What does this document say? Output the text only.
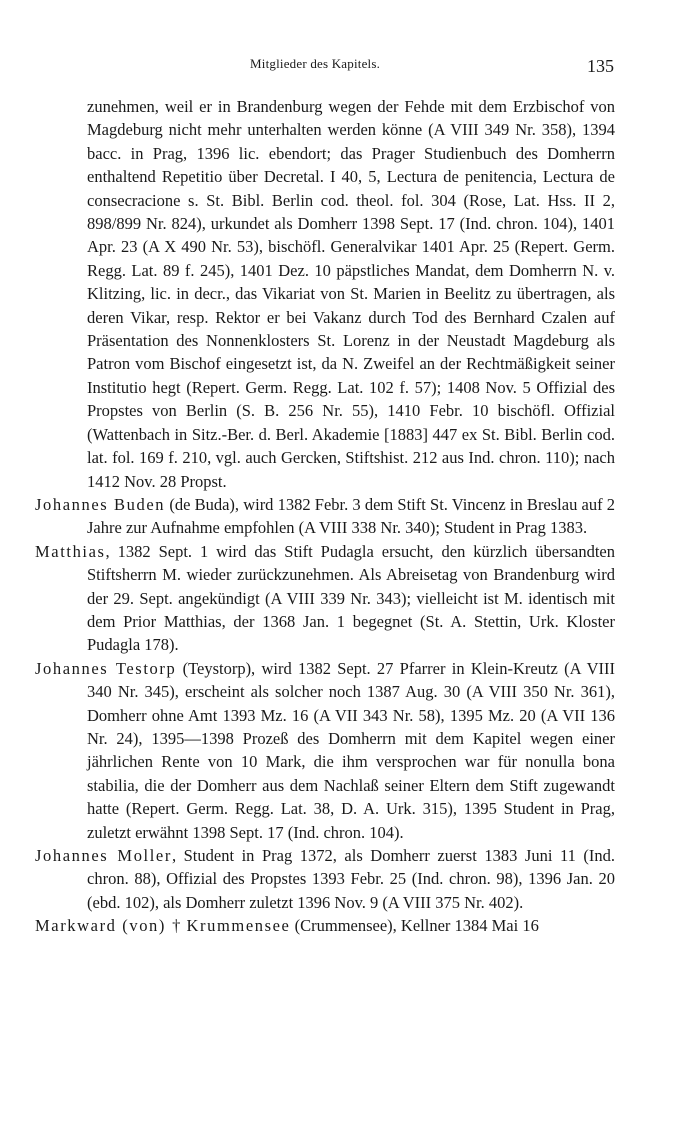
Mitglieder des Kapitels.	135

zunehmen, weil er in Brandenburg wegen der Fehde mit dem Erzbischof von Magdeburg nicht mehr unterhalten werden könne (A VIII 349 Nr. 358), 1394 bacc. in Prag, 1396 lic. ebendort; das Prager Studienbuch des Domherrn enthaltend Repetitio über Decretal. I 40, 5, Lectura de penitencia, Lectura de consecracione s. St. Bibl. Berlin cod. theol. fol. 304 (Rose, Lat. Hss. II 2, 898/899 Nr. 824), urkundet als Domherr 1398 Sept. 17 (Ind. chron. 104), 1401 Apr. 23 (A X 490 Nr. 53), bischöfl. Generalvikar 1401 Apr. 25 (Repert. Germ. Regg. Lat. 89 f. 245), 1401 Dez. 10 päpstliches Mandat, dem Domherrn N. v. Klitzing, lic. in decr., das Vikariat von St. Marien in Beelitz zu übertragen, als deren Vikar, resp. Rektor er bei Vakanz durch Tod des Bernhard Czalen auf Präsentation des Nonnenklosters St. Lorenz in der Neustadt Magdeburg als Patron vom Bischof eingesetzt ist, da N. Zweifel an der Rechtmäßigkeit seiner Institutio hegt (Repert. Germ. Regg. Lat. 102 f. 57); 1408 Nov. 5 Offizial des Propstes von Berlin (S. B. 256 Nr. 55), 1410 Febr. 10 bischöfl. Offizial (Wattenbach in Sitz.-Ber. d. Berl. Akademie [1883] 447 ex St. Bibl. Berlin cod. lat. fol. 169 f. 210, vgl. auch Gercken, Stiftshist. 212 aus Ind. chron. 110); nach 1412 Nov. 28 Propst.

Johannes Buden (de Buda), wird 1382 Febr. 3 dem Stift St. Vincenz in Breslau auf 2 Jahre zur Aufnahme empfohlen (A VIII 338 Nr. 340); Student in Prag 1383.

Matthias, 1382 Sept. 1 wird das Stift Pudagla ersucht, den kürzlich übersandten Stiftsherrn M. wieder zurückzunehmen. Als Abreisetag von Brandenburg wird der 29. Sept. angekündigt (A VIII 339 Nr. 343); vielleicht ist M. identisch mit dem Prior Matthias, der 1368 Jan. 1 begegnet (St. A. Stettin, Urk. Kloster Pudagla 178).

Johannes Testorp (Teystorp), wird 1382 Sept. 27 Pfarrer in Klein-Kreutz (A VIII 340 Nr. 345), erscheint als solcher noch 1387 Aug. 30 (A VIII 350 Nr. 361), Domherr ohne Amt 1393 Mz. 16 (A VII 343 Nr. 58), 1395 Mz. 20 (A VII 136 Nr. 24), 1395—1398 Prozeß des Domherrn mit dem Kapitel wegen einer jährlichen Rente von 10 Mark, die ihm versprochen war für nonulla bona stabilia, die der Domherr aus dem Nachlaß seiner Eltern dem Stift zugewandt hatte (Repert. Germ. Regg. Lat. 38, D. A. Urk. 315), 1395 Student in Prag, zuletzt erwähnt 1398 Sept. 17 (Ind. chron. 104).

Johannes Moller, Student in Prag 1372, als Domherr zuerst 1383 Juni 11 (Ind. chron. 88), Offizial des Propstes 1393 Febr. 25 (Ind. chron. 98), 1396 Jan. 20 (ebd. 102), als Domherr zuletzt 1396 Nov. 9 (A VIII 375 Nr. 402).

Markward (von) † Krummensee (Crummensee), Kellner 1384 Mai 16
